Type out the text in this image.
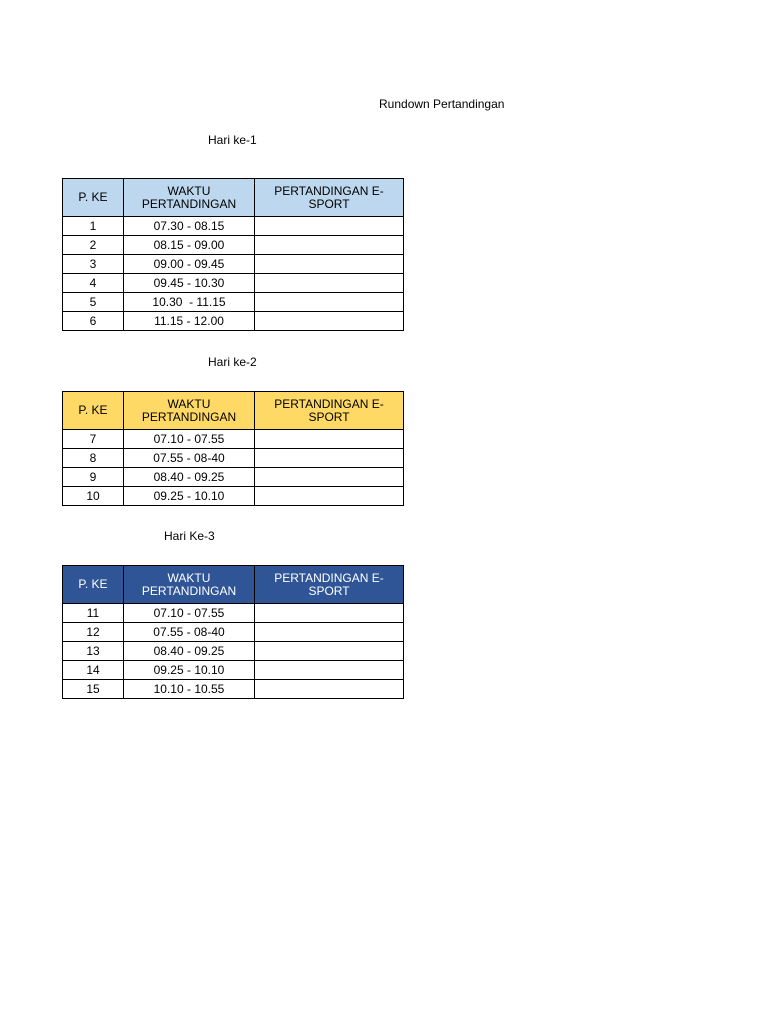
Rundown Pertandingan
Hari ke-1
P. KE	WAKTU PERTANDINGAN	PERTANDINGAN E-SPORT
1	07.30 - 08.15	
2	08.15 - 09.00	
3	09.00 - 09.45	
4	09.45 - 10.30	
5	10.30  - 11.15	
6	11.15 - 12.00	
Hari ke-2
P. KE	WAKTU PERTANDINGAN	PERTANDINGAN E-SPORT
7	07.10 - 07.55	
8	07.55 - 08-40	
9	08.40 - 09.25	
10	09.25 - 10.10	
Hari Ke-3
P. KE	WAKTU PERTANDINGAN	PERTANDINGAN E-SPORT
11	07.10 - 07.55	
12	07.55 - 08-40	
13	08.40 - 09.25	
14	09.25 - 10.10	
15	10.10 - 10.55	
